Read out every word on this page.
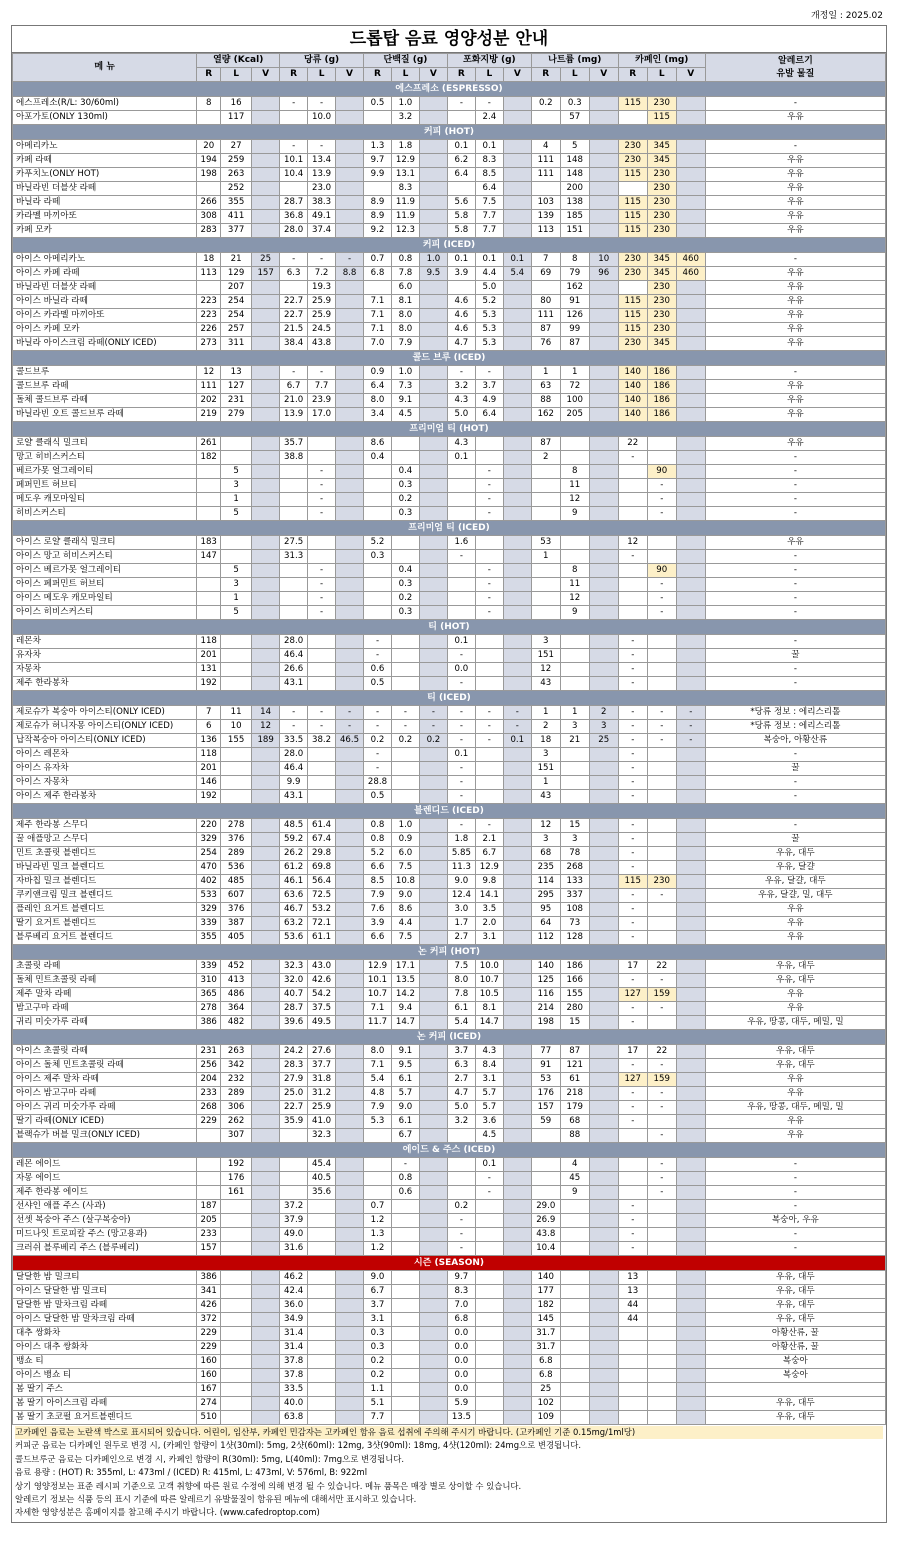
개정일 : 2025.02
드롭탑 음료 영양성분 안내
메 뉴	열량 (Kcal)			당류 (g)			단백질 (g)			포화지방 (g)			나트륨 (mg)			카페인 (mg)			알레르기
유발 물질

	R	L	V	R	L	V	R	L	V	R	L	V	R	L	V	R	L	V	
에스프레소 (ESPRESSO)																			
에스프레소(R/L: 30/60ml)	8	16		-	-		0.5	1.0		-	-		0.2	0.3		115	230		-
아포가토(ONLY 130ml)		117			10.0			3.2			2.4			57			115		우유
커피 (HOT)																			
아메리카노	20	27		-	-		1.3	1.8		0.1	0.1		4	5		230	345		-
카페 라떼	194	259		10.1	13.4		9.7	12.9		6.2	8.3		111	148		230	345		우유
카푸치노(ONLY HOT)	198	263		10.4	13.9		9.9	13.1		6.4	8.5		111	148		115	230		우유
바닐라빈 더블샷 라떼		252			23.0			8.3			6.4			200			230		우유
바닐라 라떼	266	355		28.7	38.3		8.9	11.9		5.6	7.5		103	138		115	230		우유
카라멜 마끼아또	308	411		36.8	49.1		8.9	11.9		5.8	7.7		139	185		115	230		우유
카페 모카	283	377		28.0	37.4		9.2	12.3		5.8	7.7		113	151		115	230		우유
커피 (ICED)																			
아이스 아메리카노	18	21	25	-	-	-	0.7	0.8	1.0	0.1	0.1	0.1	7	8	10	230	345	460	-
아이스 카페 라떼	113	129	157	6.3	7.2	8.8	6.8	7.8	9.5	3.9	4.4	5.4	69	79	96	230	345	460	우유
바닐라빈 더블샷 라떼		207			19.3			6.0			5.0			162			230		우유
아이스 바닐라 라떼	223	254		22.7	25.9		7.1	8.1		4.6	5.2		80	91		115	230		우유
아이스 카라멜 마끼아또	223	254		22.7	25.9		7.1	8.0		4.6	5.3		111	126		115	230		우유
아이스 카페 모카	226	257		21.5	24.5		7.1	8.0		4.6	5.3		87	99		115	230		우유
바닐라 아이스크림 라떼(ONLY ICED)	273	311		38.4	43.8		7.0	7.9		4.7	5.3		76	87		230	345		우유
콜드 브루 (ICED)																			
콜드브루	12	13		-	-		0.9	1.0		-	-		1	1		140	186		-
콜드브루 라떼	111	127		6.7	7.7		6.4	7.3		3.2	3.7		63	72		140	186		우유
돌체 콜드브루 라떼	202	231		21.0	23.9		8.0	9.1		4.3	4.9		88	100		140	186		우유
바닐라빈 오트 콜드브루 라떼	219	279		13.9	17.0		3.4	4.5		5.0	6.4		162	205		140	186		우유
프리미엄 티 (HOT)																			
로얄 클래식 밀크티	261			35.7			8.6			4.3			87			22			우유
망고 히비스커스티	182			38.8			0.4			0.1			2			-			-
베르가못 얼그레이티		5			-			0.4			-			8			90		-
페퍼민트 허브티		3			-			0.3			-			11			-		-
메도우 캐모마일티		1			-			0.2			-			12			-		-
히비스커스티		5			-			0.3			-			9			-		-
프리미엄 티 (ICED)																			
아이스 로얄 클래식 밀크티	183			27.5			5.2			1.6			53			12			우유
아이스 망고 히비스커스티	147			31.3			0.3			-			1			-			-
아이스 베르가못 얼그레이티		5			-			0.4			-			8			90		-
아이스 페퍼민트 허브티		3			-			0.3			-			11			-		-
아이스 메도우 캐모마일티		1			-			0.2			-			12			-		-
아이스 히비스커스티		5			-			0.3			-			9			-		-
티 (HOT)																			
레몬차	118			28.0			-			0.1			3			-			-
유자차	201			46.4			-			-			151			-			꿀
자몽차	131			26.6			0.6			0.0			12			-			-
제주 한라봉차	192			43.1			0.5			-			43			-			-
티 (ICED)																			
제로슈가 복숭아 아이스티(ONLY ICED)	7	11	14	-	-	-	-	-	-	-	-	-	1	1	2	-	-	-	*당류 정보 : 에리스리톨
제로슈가 허니자몽 아이스티(ONLY ICED)	6	10	12	-	-	-	-	-	-	-	-	-	2	3	3	-	-	-	*당류 정보 : 에리스리톨
납작복숭아 아이스티(ONLY ICED)	136	155	189	33.5	38.2	46.5	0.2	0.2	0.2	-	-	0.1	18	21	25	-	-	-	복숭아, 아황산류
아이스 레몬차	118			28.0			-			0.1			3			-			-
아이스 유자차	201			46.4			-			-			151			-			꿀
아이스 자몽차	146			9.9			28.8			-			1			-			-
아이스 제주 한라봉차	192			43.1			0.5			-			43			-			-
블렌디드 (ICED)																			
제주 한라봉 스무디	220	278		48.5	61.4		0.8	1.0		-	-		12	15		-			-
꿀 애플망고 스무디	329	376		59.2	67.4		0.8	0.9		1.8	2.1		3	3		-			꿀
민트 초콜릿 블렌디드	254	289		26.2	29.8		5.2	6.0		5.85	6.7		68	78		-			우유, 대두
바닐라빈 밀크 블렌디드	470	536		61.2	69.8		6.6	7.5		11.3	12.9		235	268		-			우유, 달걀
자바칩 밀크 블렌디드	402	485		46.1	56.4		8.5	10.8		9.0	9.8		114	133		115	230		우유, 달걀, 대두
쿠키앤크림 밀크 블렌디드	533	607		63.6	72.5		7.9	9.0		12.4	14.1		295	337		-	-		우유, 달걀, 밀, 대두
플레인 요거트 블렌디드	329	376		46.7	53.2		7.6	8.6		3.0	3.5		95	108		-			우유
딸기 요거트 블렌디드	339	387		63.2	72.1		3.9	4.4		1.7	2.0		64	73		-			우유
블루베리 요거트 블렌디드	355	405		53.6	61.1		6.6	7.5		2.7	3.1		112	128		-			우유
논 커피 (HOT)																			
초콜릿 라떼	339	452		32.3	43.0		12.9	17.1		7.5	10.0		140	186		17	22		우유, 대두
돌체 민트초콜릿 라떼	310	413		32.0	42.6		10.1	13.5		8.0	10.7		125	166		-	-		우유, 대두
제주 말차 라떼	365	486		40.7	54.2		10.7	14.2		7.8	10.5		116	155		127	159		우유
밤고구마 라떼	278	364		28.7	37.5		7.1	9.4		6.1	8.1		214	280		-	-		우유
귀리 미숫가루 라떼	386	482		39.6	49.5		11.7	14.7		5.4	14.7		198	15		-			우유, 땅콩, 대두, 메밀, 밀
논 커피 (ICED)																			
아이스 초콜릿 라떼	231	263		24.2	27.6		8.0	9.1		3.7	4.3		77	87		17	22		우유, 대두
아이스 돌체 민트초콜릿 라떼	256	342		28.3	37.7		7.1	9.5		6.3	8.4		91	121		-	-		우유, 대두
아이스 제주 말차 라떼	204	232		27.9	31.8		5.4	6.1		2.7	3.1		53	61		127	159		우유
아이스 밤고구마 라떼	233	289		25.0	31.2		4.8	5.7		4.7	5.7		176	218		-	-		우유
아이스 귀리 미숫가루 라떼	268	306		22.7	25.9		7.9	9.0		5.0	5.7		157	179		-	-		우유, 땅콩, 대두, 메밀, 밀
딸기 라떼(ONLY ICED)	229	262		35.9	41.0		5.3	6.1		3.2	3.6		59	68		-			우유
블랙슈가 버블 밀크(ONLY ICED)		307			32.3			6.7			4.5			88			-		우유
에이드 & 주스 (ICED)																			
레몬 에이드		192			45.4			-			0.1			4			-		-
자몽 에이드		176			40.5			0.8			-			45			-		-
제주 한라봉 에이드		161			35.6			0.6			-			9			-		-
선샤인 애플 주스 (사과)	187			37.2			0.7			0.2			29.0			-			-
선셋 복숭아 주스 (살구복숭아)	205			37.9			1.2			-			26.9			-			복숭아, 우유
미드나잇 트로피칼 주스 (망고용과)	233			49.0			1.3			-			43.8			-			-
크러쉬 블루베리 주스 (블루베리)	157			31.6			1.2			-			10.4			-			-
시즌 (SEASON)																			
달달한 밤 밀크티	386			46.2			9.0			9.7			140			13			우유, 대두
아이스 달달한 밤 밀크티	341			42.4			6.7			8.3			177			13			우유, 대두
달달한 밤 말차크림 라떼	426			36.0			3.7			7.0			182			44			우유, 대두
아이스 달달한 밤 말차크림 라떼	372			34.9			3.1			6.8			145			44			우유, 대두
대추 쌍화차	229			31.4			0.3			0.0			31.7						아황산류, 꿀
아이스 대추 쌍화차	229			31.4			0.3			0.0			31.7						아황산류, 꿀
뱅쇼 티	160			37.8			0.2			0.0			6.8						복숭아
아이스 뱅쇼 티	160			37.8			0.2			0.0			6.8						복숭아
봄 딸기 주스	167			33.5			1.1			0.0			25						
봄 딸기 아이스크림 라떼	274			40.0			5.1			5.9			102						우유, 대두
봄 딸기 초코펄 요거트블렌디드	510			63.8			7.7			13.5			109						우유, 대두
고카페인 음료는 노란색 박스로 표시되어 있습니다. 어린이, 임산부, 카페인 민감자는 고카페인 함유 음료 섭취에 주의해 주시기 바랍니다. (고카페인 기준 0.15mg/1ml당)
커피군 음료는 디카페인 원두로 변경 시, (카페인 함량이 1샷(30ml): 5mg, 2샷(60ml): 12mg, 3샷(90ml): 18mg, 4샷(120ml): 24mg으로 변경됩니다.
콜드브루군 음료는 디카페인으로 변경 시, 카페인 함량이 R(30ml): 5mg, L(40ml): 7mg으로 변경됩니다.
음료 용량 : (HOT) R: 355ml, L: 473ml / (ICED) R: 415ml, L: 473ml, V: 576ml, B: 922ml
상기 영양정보는 표준 레시피 기준으로 고객 취향에 따른 원료 수정에 의해 변경 될 수 있습니다. 메뉴 품목은 매장 별로 상이할 수 있습니다.
알레르기 정보는 식품 등의 표시 기준에 따른 알레르기 유발물질이 함유된 메뉴에 대해서만 표시하고 있습니다.
자세한 영양성분은 홈페이지를 참고해 주시기 바랍니다. (www.cafedroptop.com)
